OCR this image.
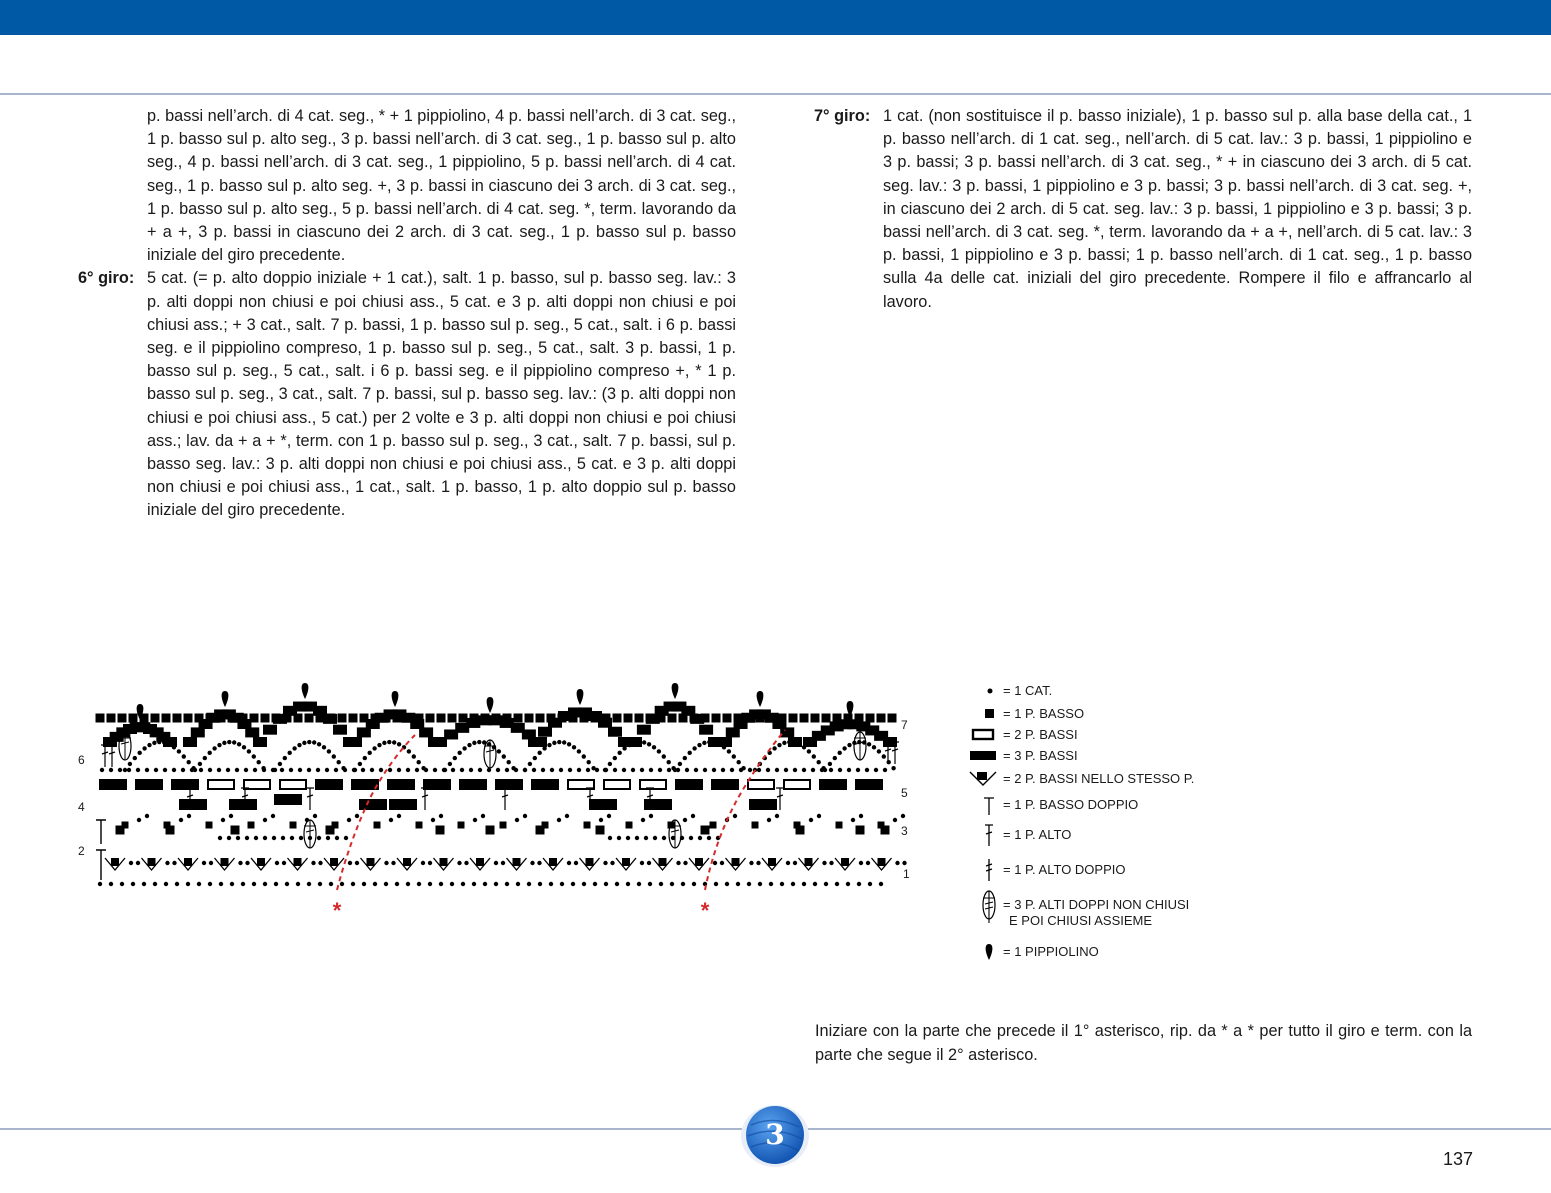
p. bassi nell’arch. di 4 cat. seg., * + 1 pippiolino, 4 p. bassi nell’arch. di 3 cat. seg., 1 p. basso sul p. alto seg., 3 p. bassi nell’arch. di 3 cat. seg., 1 p. basso sul p. alto seg., 4 p. bassi nell’arch. di 3 cat. seg., 1 pippiolino, 5 p. bassi nell’arch. di 4 cat. seg., 1 p. basso sul p. alto seg. +, 3 p. bassi in ciascuno dei 3 arch. di 3 cat. seg., 1 p. basso sul p. alto seg., 5 p. bassi nell’arch. di 4 cat. seg. *, term. lavorando da + a +, 3 p. bassi in ciascuno dei 2 arch. di 3 cat. seg., 1 p. basso sul p. basso iniziale del giro precedente.

6° giro: 5 cat. (= p. alto doppio iniziale + 1 cat.), salt. 1 p. basso, sul p. basso seg. lav.: 3 p. alti doppi non chiusi e poi chiusi ass., 5 cat. e 3 p. alti doppi non chiusi e poi chiusi ass.; + 3 cat., salt. 7 p. bassi, 1 p. basso sul p. seg., 5 cat., salt. i 6 p. bassi seg. e il pippiolino compreso, 1 p. basso sul p. seg., 5 cat., salt. 3 p. bassi, 1 p. basso sul p. seg., 5 cat., salt. i 6 p. bassi seg. e il pippiolino compreso +, * 1 p. basso sul p. seg., 3 cat., salt. 7 p. bassi, sul p. basso seg. lav.: (3 p. alti doppi non chiusi e poi chiusi ass., 5 cat.) per 2 volte e 3 p. alti doppi non chiusi e poi chiusi ass.; lav. da + a + *, term. con 1 p. basso sul p. seg., 3 cat., salt. 7 p. bassi, sul p. basso seg. lav.: 3 p. alti doppi non chiusi e poi chiusi ass., 5 cat. e 3 p. alti doppi non chiusi e poi chiusi ass., 1 cat., salt. 1 p. basso, 1 p. alto doppio sul p. basso iniziale del giro precedente.

7° giro: 1 cat. (non sostituisce il p. basso iniziale), 1 p. basso sul p. alla base della cat., 1 p. basso nell’arch. di 1 cat. seg., nell’arch. di 5 cat. lav.: 3 p. bassi, 1 pippiolino e 3 p. bassi; 3 p. bassi nell’arch. di 3 cat. seg., * + in ciascuno dei 3 arch. di 5 cat. seg. lav.: 3 p. bassi, 1 pippiolino e 3 p. bassi; 3 p. bassi nell’arch. di 3 cat. seg. +, in ciascuno dei 2 arch. di 5 cat. seg. lav.: 3 p. bassi, 1 pippiolino e 3 p. bassi; 3 p. bassi nell’arch. di 3 cat. seg. *, term. lavorando da + a +, nell’arch. di 5 cat. lav.: 3 p. bassi, 1 pippiolino e 3 p. bassi; 1 p. basso nell’arch. di 1 cat. seg., 1 p. basso sulla 4a delle cat. iniziali del giro precedente. Rompere il filo e affrancarlo al lavoro.

6
4
2
7
5
3
1
*	*
= 1 CAT.
= 1 P. BASSO
= 2 P. BASSI
= 3 P. BASSI
= 2 P. BASSI NELLO STESSO P.
= 1 P. BASSO DOPPIO
= 1 P. ALTO
= 1 P. ALTO DOPPIO
= 3 P. ALTI DOPPI NON CHIUSI
E POI CHIUSI ASSIEME
= 1 PIPPIOLINO

Iniziare con la parte che precede il 1° asterisco, rip. da * a * per tutto il giro e term. con la parte che segue il 2° asterisco.

3
137
